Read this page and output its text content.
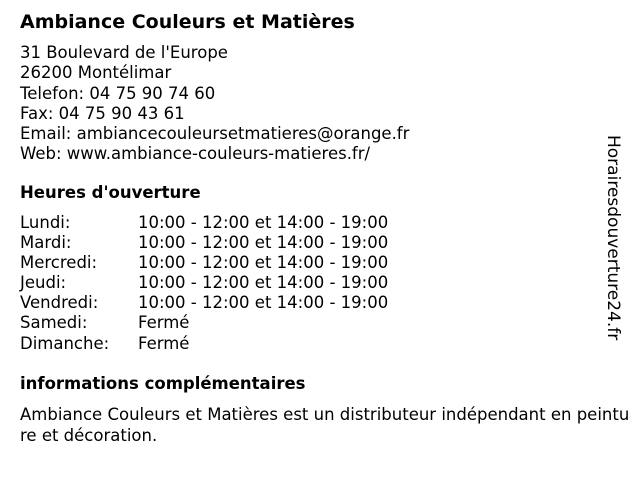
Ambiance Couleurs et Matières
31 Boulevard de l'Europe
26200 Montélimar
Telefon: 04 75 90 74 60
Fax: 04 75 90 43 61
Email: ambiancecouleursetmatieres@orange.fr
Web: www.ambiance-couleurs-matieres.fr/
Heures d'ouverture
Lundi:	10:00 - 12:00 et 14:00 - 19:00
Mardi:	10:00 - 12:00 et 14:00 - 19:00
Mercredi:	10:00 - 12:00 et 14:00 - 19:00
Jeudi:	10:00 - 12:00 et 14:00 - 19:00
Vendredi:	10:00 - 12:00 et 14:00 - 19:00
Samedi:	Fermé
Dimanche:	Fermé
informations complémentaires
Ambiance Couleurs et Matières est un distributeur indépendant en peinture et décoration.
Horairesdouverture24.fr
